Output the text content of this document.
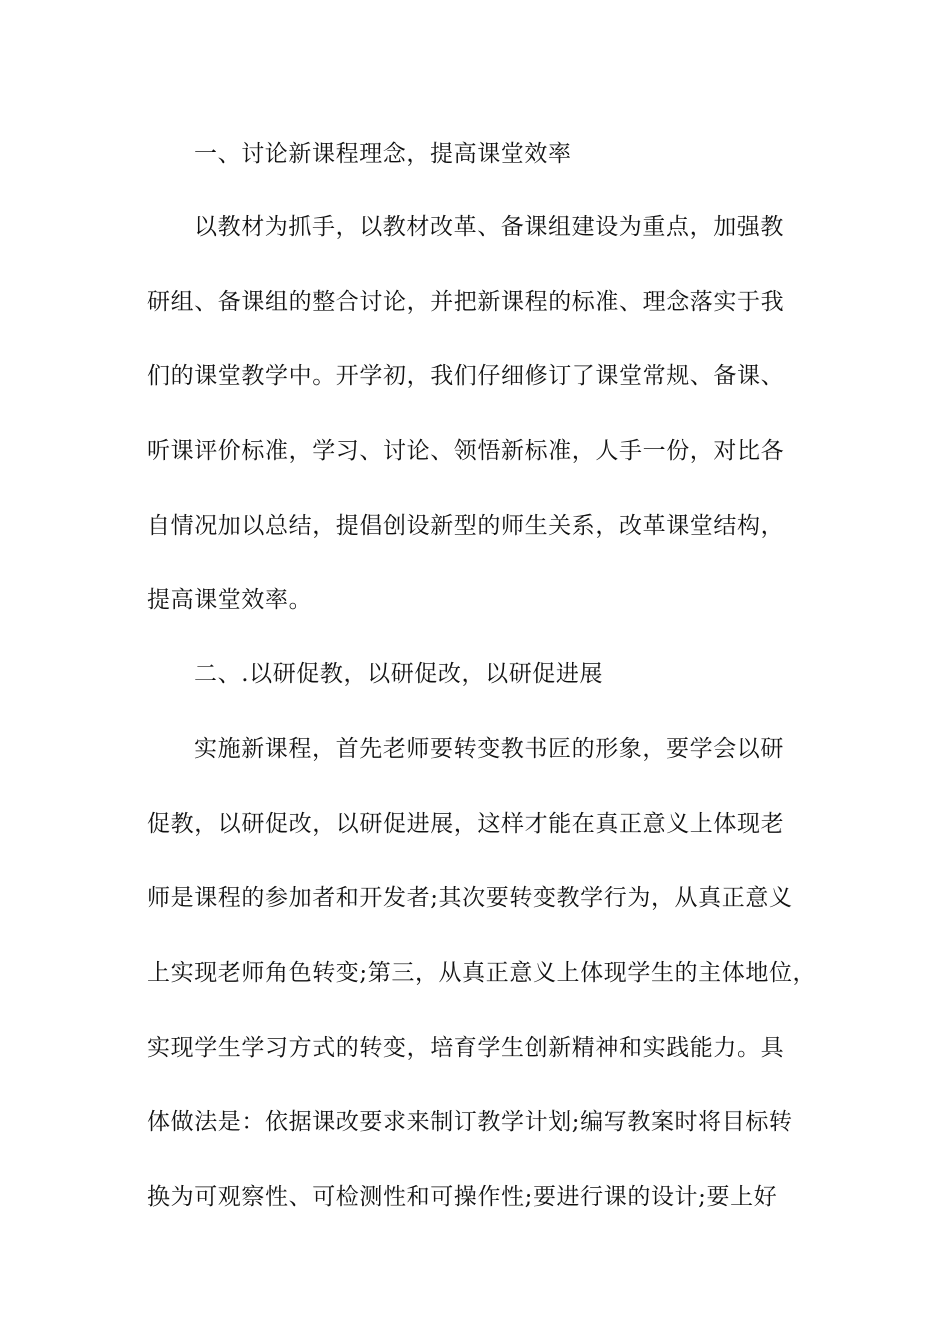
一、讨论新课程理念，提高课堂效率
以教材为抓手，以教材改革、备课组建设为重点，加强教
研组、备课组的整合讨论，并把新课程的标准、理念落实于我
们的课堂教学中。开学初，我们仔细修订了课堂常规、备课、
听课评价标准，学习、讨论、领悟新标准，人手一份，对比各
自情况加以总结，提倡创设新型的师生关系，改革课堂结构，
提高课堂效率。
二、.以研促教，以研促改，以研促进展
实施新课程，首先老师要转变教书匠的形象，要学会以研
促教，以研促改，以研促进展，这样才能在真正意义上体现老
师是课程的参加者和开发者;其次要转变教学行为，从真正意义
上实现老师角色转变;第三，从真正意义上体现学生的主体地位，
实现学生学习方式的转变，培育学生创新精神和实践能力。具
体做法是：依据课改要求来制订教学计划;编写教案时将目标转
换为可观察性、可检测性和可操作性;要进行课的设计;要上好
